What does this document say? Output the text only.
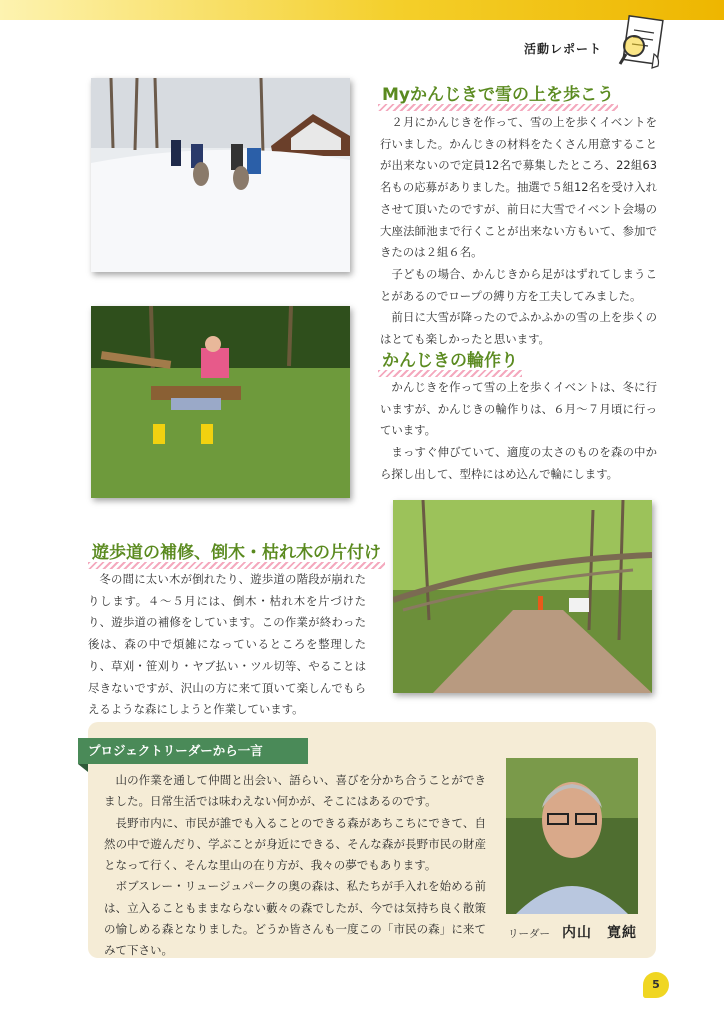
活動レポート
Myかんじきで雪の上を歩こう

２月にかんじきを作って、雪の上を歩くイベントを行いました。かんじきの材料をたくさん用意することが出来ないので定員12名で募集したところ、22組63名もの応募がありました。抽選で５組12名を受け入れさせて頂いたのですが、前日に大雪でイベント会場の大座法師池まで行くことが出来ない方もいて、参加できたのは２組６名。

子どもの場合、かんじきから足がはずれてしまうことがあるのでロープの縛り方を工夫してみました。

前日に大雪が降ったのでふかふかの雪の上を歩くのはとても楽しかったと思います。

かんじきの輪作り

かんじきを作って雪の上を歩くイベントは、冬に行いますが、かんじきの輪作りは、６月〜７月頃に行っています。

まっすぐ伸びていて、適度の太さのものを森の中から探し出して、型枠にはめ込んで輪にします。

遊歩道の補修、倒木・枯れ木の片付け

冬の間に太い木が倒れたり、遊歩道の階段が崩れたりします。４〜５月には、倒木・枯れ木を片づけたり、遊歩道の補修をしています。この作業が終わった後は、森の中で煩雑になっているところを整理したり、草刈・笹刈り・ヤブ払い・ツル切等、やることは尽きないですが、沢山の方に来て頂いて楽しんでもらえるような森にしようと作業しています。

プロジェクトリーダーから一言

山の作業を通して仲間と出会い、語らい、喜びを分かち合うことができました。日常生活では味わえない何かが、そこにはあるのです。

長野市内に、市民が誰でも入ることのできる森があちこちにできて、自然の中で遊んだり、学ぶことが身近にできる、そんな森が長野市民の財産となって行く、そんな里山の在り方が、我々の夢でもあります。

ボブスレー・リュージュパークの奥の森は、私たちが手入れを始める前は、立入ることもままならない藪々の森でしたが、今では気持ち良く散策の愉しめる森となりました。どうか皆さんも一度この「市民の森」に来てみて下さい。

リーダー 内山　寛純
5
